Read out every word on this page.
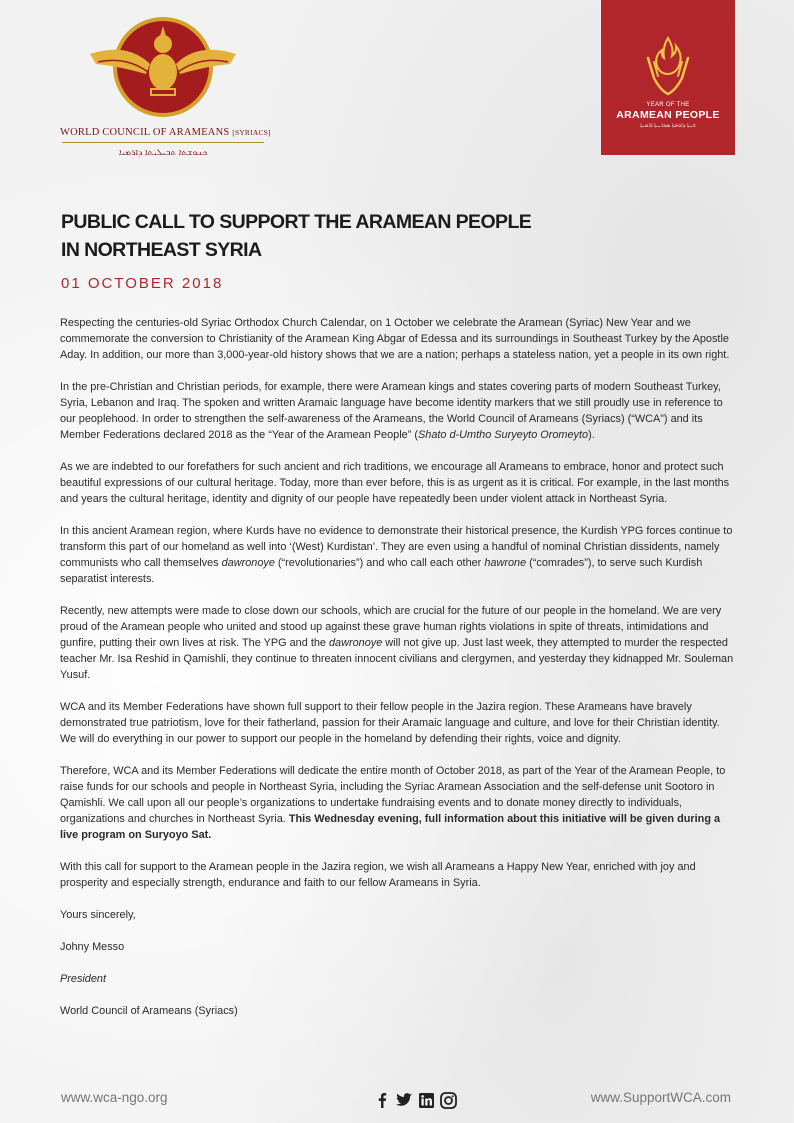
WORLD COUNCIL OF ARAMEANS [SYRIACS]
ܟܢܘܫܬܐ ܬܒܝܠܝܬܐ ܕܐܪ̈ܡܝܐ
YEAR OF THE
ARAMEAN PEOPLE
ܫܢܬܐ ܕܐܘܡܬܐ ܣܘܪܝܝܬܐ ܐܪܡܝܬܐ
PUBLIC CALL TO SUPPORT THE ARAMEAN PEOPLE
IN NORTHEAST SYRIA
01 OCTOBER 2018

Respecting the centuries-old Syriac Orthodox Church Calendar, on 1 October we celebrate the Aramean (Syriac) New Year and we commemorate the conversion to Christianity of the Aramean King Abgar of Edessa and its surroundings in Southeast Turkey by the Apostle Aday. In addition, our more than 3,000-year-old history shows that we are a nation; perhaps a stateless nation, yet a people in its own right.

In the pre-Christian and Christian periods, for example, there were Aramean kings and states covering parts of modern Southeast Turkey, Syria, Lebanon and Iraq. The spoken and written Aramaic language have become identity markers that we still proudly use in reference to our peoplehood. In order to strengthen the self-awareness of the Arameans, the World Council of Arameans (Syriacs) (“WCA”) and its Member Federations declared 2018 as the “Year of the Aramean People” (Shato d-Umtho Suryeyto Oromeyto).

As we are indebted to our forefathers for such ancient and rich traditions, we encourage all Arameans to embrace, honor and protect such beautiful expressions of our cultural heritage. Today, more than ever before, this is as urgent as it is critical. For example, in the last months and years the cultural heritage, identity and dignity of our people have repeatedly been under violent attack in Northeast Syria.

In this ancient Aramean region, where Kurds have no evidence to demonstrate their historical presence, the Kurdish YPG forces continue to transform this part of our homeland as well into ‘(West) Kurdistan’. They are even using a handful of nominal Christian dissidents, namely communists who call themselves dawronoye (“revolutionaries”) and who call each other hawrone (“comrades”), to serve such Kurdish separatist interests.

Recently, new attempts were made to close down our schools, which are crucial for the future of our people in the homeland. We are very proud of the Aramean people who united and stood up against these grave human rights violations in spite of threats, intimidations and gunfire, putting their own lives at risk. The YPG and the dawronoye will not give up. Just last week, they attempted to murder the respected teacher Mr. Isa Reshid in Qamishli, they continue to threaten innocent civilians and clergymen, and yesterday they kidnapped Mr. Souleman Yusuf.

WCA and its Member Federations have shown full support to their fellow people in the Jazira region. These Arameans have bravely demonstrated true patriotism, love for their fatherland, passion for their Aramaic language and culture, and love for their Christian identity. We will do everything in our power to support our people in the homeland by defending their rights, voice and dignity.

Therefore, WCA and its Member Federations will dedicate the entire month of October 2018, as part of the Year of the Aramean People, to raise funds for our schools and people in Northeast Syria, including the Syriac Aramean Association and the self-defense unit Sootoro in Qamishli. We call upon all our people’s organizations to undertake fundraising events and to donate money directly to individuals, organizations and churches in Northeast Syria. This Wednesday evening, full information about this initiative will be given during a live program on Suryoyo Sat.

With this call for support to the Aramean people in the Jazira region, we wish all Arameans a Happy New Year, enriched with joy and prosperity and especially strength, endurance and faith to our fellow Arameans in Syria.

Yours sincerely,

Johny Messo

President

World Council of Arameans (Syriacs)

www.wca-ngo.org	www.SupportWCA.com
